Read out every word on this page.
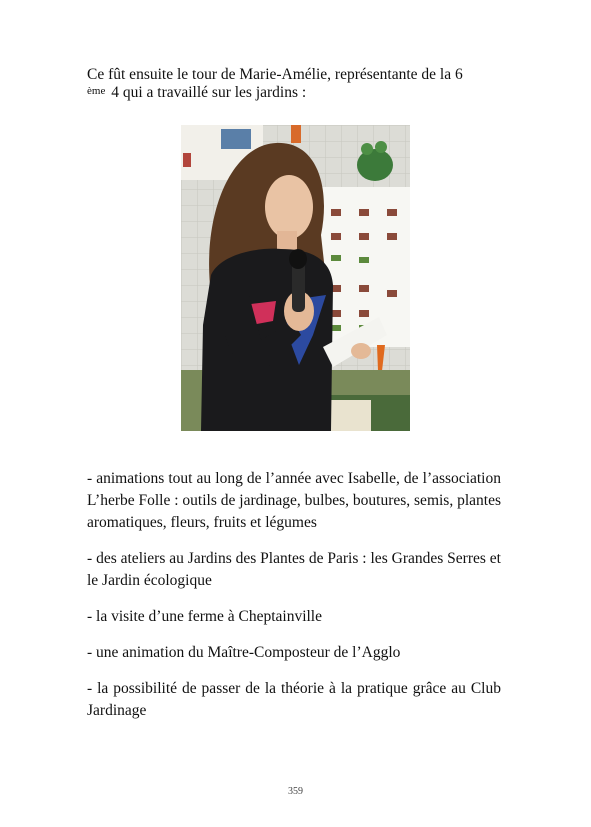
Ce fût ensuite le tour de Marie-Amélie, représentante de la 6
$^{ème}$ 4 qui a travaillé sur les jardins :

- animations tout au long de l’année avec Isabelle, de l’association L’herbe Folle : outils de jardinage, bulbes, boutures, semis, plantes aromatiques, fleurs, fruits et légumes
- des ateliers au Jardins des Plantes de Paris : les Grandes Serres et le Jardin écologique
- la visite d’une ferme à Cheptainville
- une animation du Maître-Composteur de l’Agglo
- la possibilité de passer de la théorie à la pratique grâce au Club Jardinage
359
